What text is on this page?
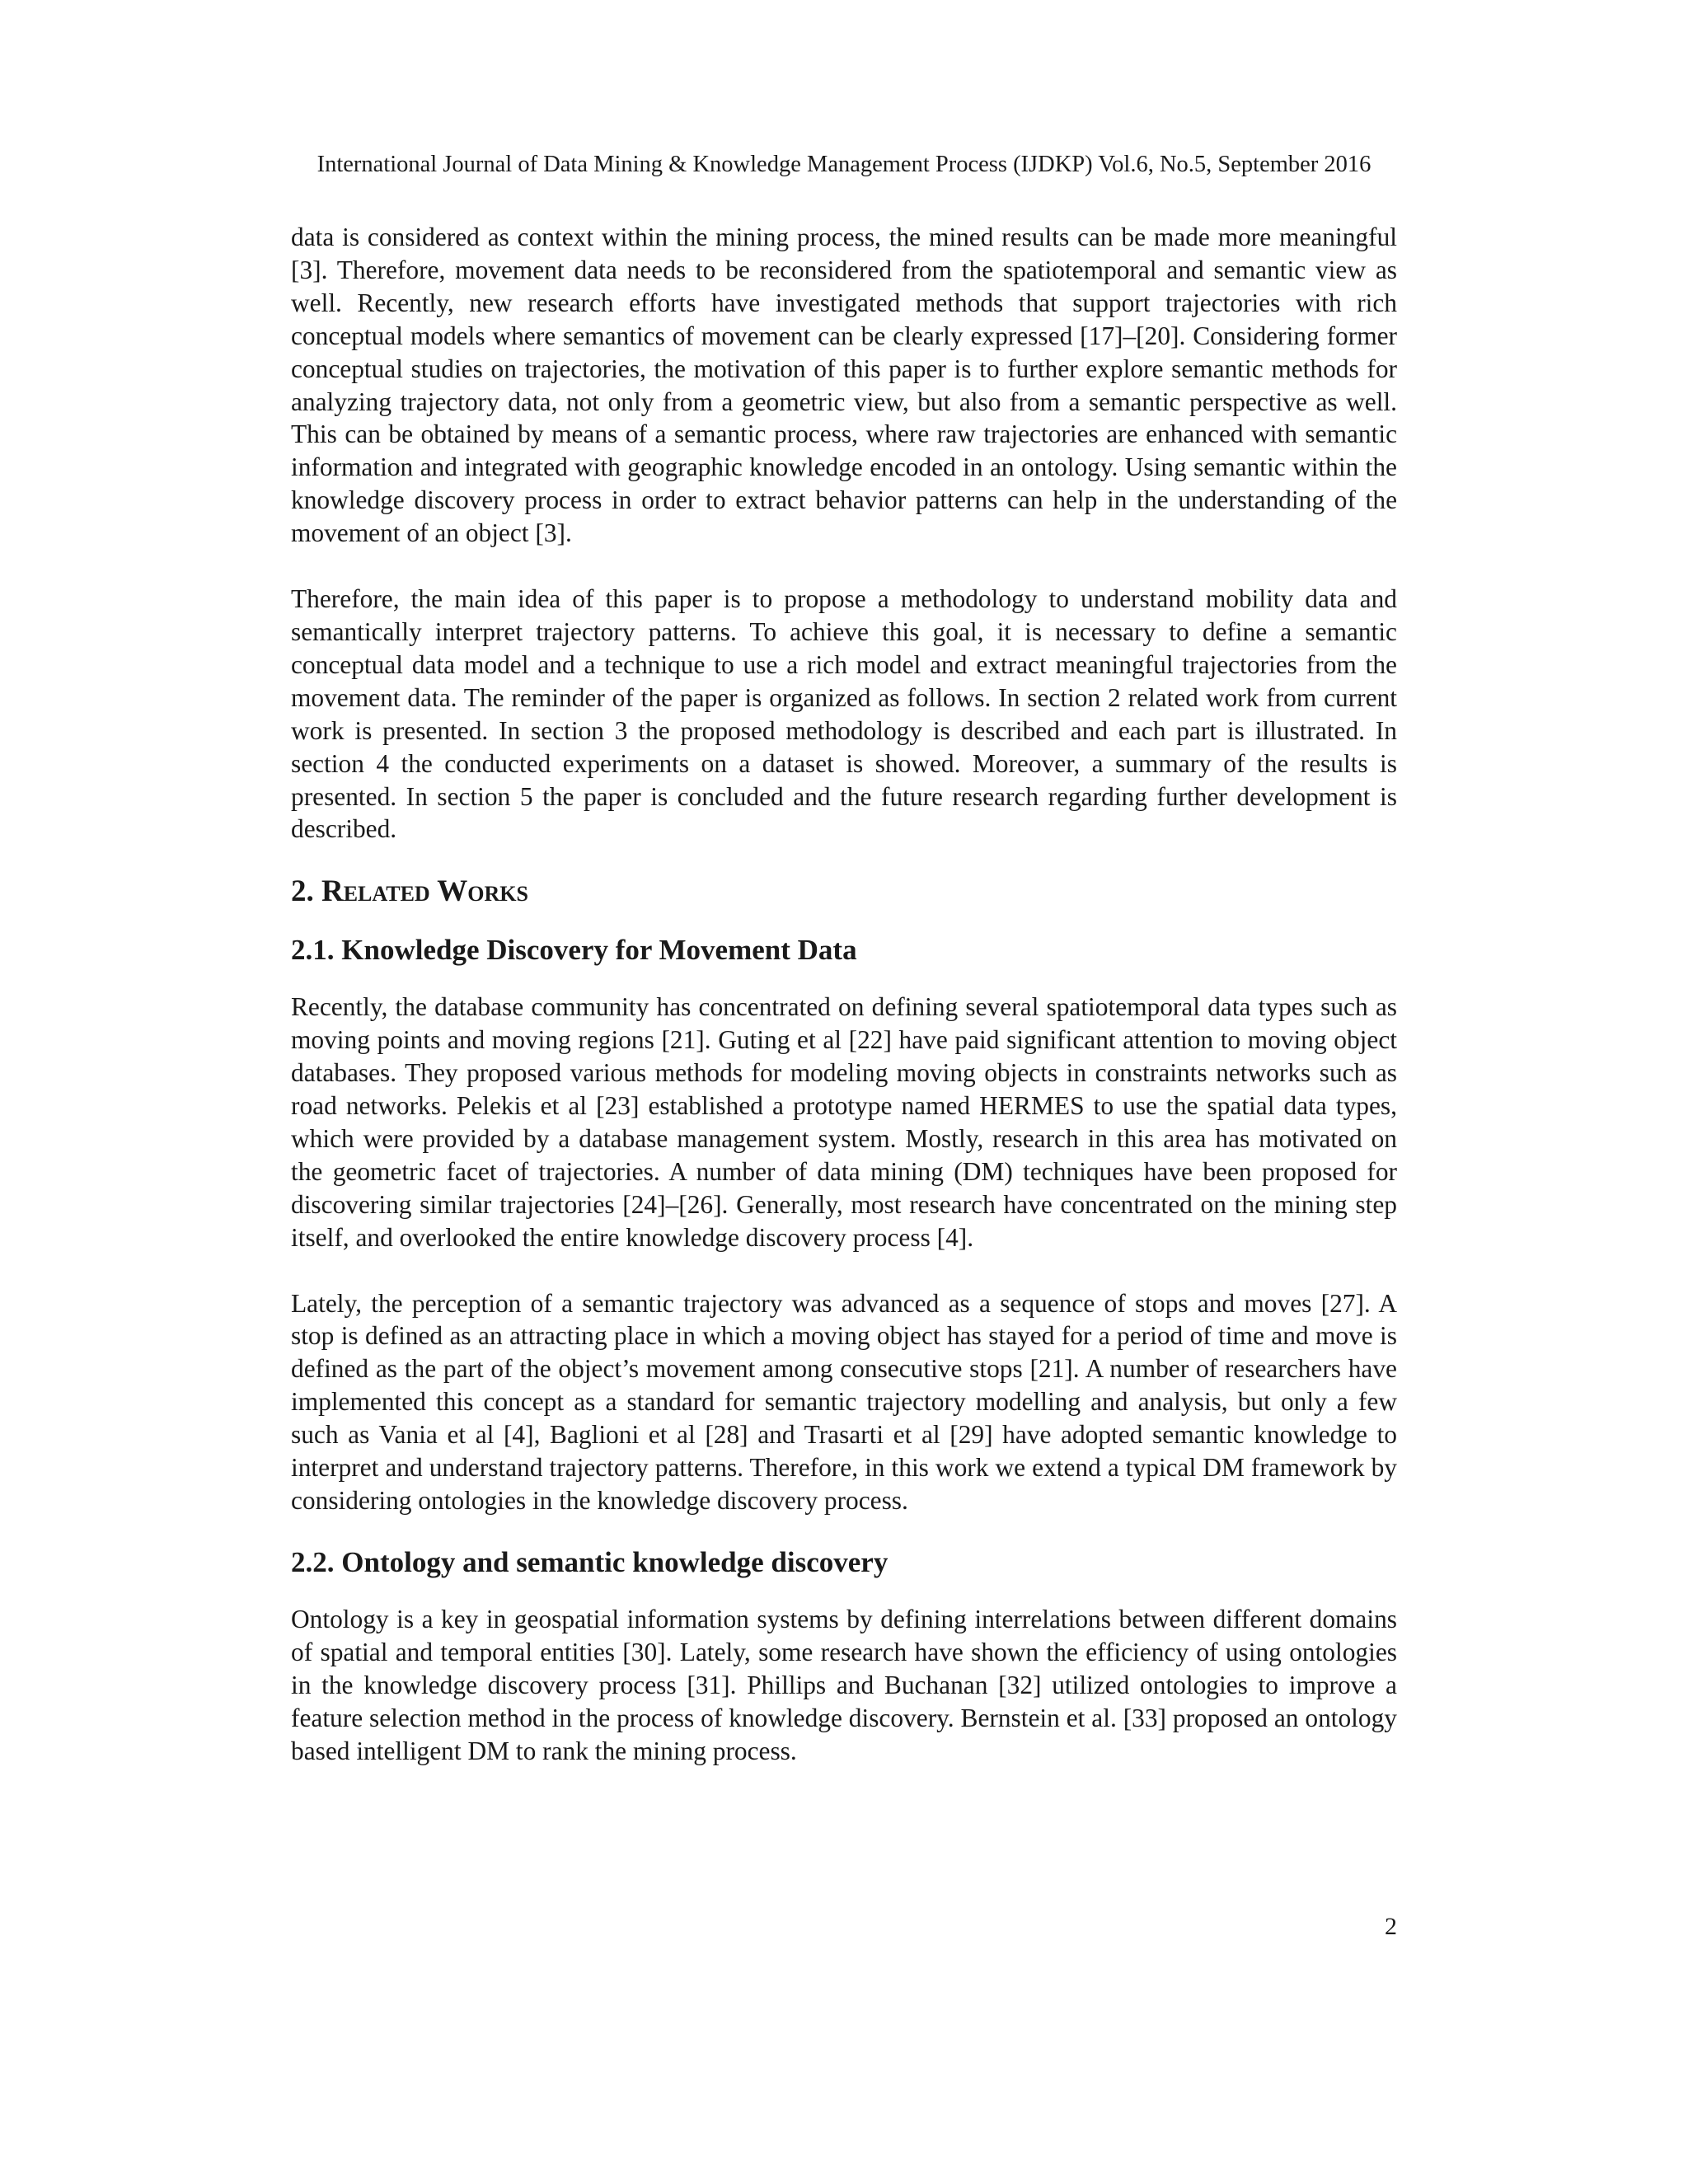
International Journal of Data Mining & Knowledge Management Process (IJDKP) Vol.6, No.5, September 2016

data is considered as context within the mining process, the mined results can be made more meaningful [3]. Therefore, movement data needs to be reconsidered from the spatiotemporal and semantic view as well. Recently, new research efforts have investigated methods that support trajectories with rich conceptual models where semantics of movement can be clearly expressed [17]–[20]. Considering former conceptual studies on trajectories, the motivation of this paper is to further explore semantic methods for analyzing trajectory data, not only from a geometric view, but also from a semantic perspective as well. This can be obtained by means of a semantic process, where raw trajectories are enhanced with semantic information and integrated with geographic knowledge encoded in an ontology. Using semantic within the knowledge discovery process in order to extract behavior patterns can help in the understanding of the movement of an object [3].

Therefore, the main idea of this paper is to propose a methodology to understand mobility data and semantically interpret trajectory patterns. To achieve this goal, it is necessary to define a semantic conceptual data model and a technique to use a rich model and extract meaningful trajectories from the movement data. The reminder of the paper is organized as follows. In section 2 related work from current work is presented. In section 3 the proposed methodology is described and each part is illustrated. In section 4 the conducted experiments on a dataset is showed. Moreover, a summary of the results is presented. In section 5 the paper is concluded and the future research regarding further development is described.

2. Related Works
2.1. Knowledge Discovery for Movement Data

Recently, the database community has concentrated on defining several spatiotemporal data types such as moving points and moving regions [21]. Guting et al [22] have paid significant attention to moving object databases. They proposed various methods for modeling moving objects in constraints networks such as road networks. Pelekis et al [23] established a prototype named HERMES to use the spatial data types, which were provided by a database management system. Mostly, research in this area has motivated on the geometric facet of trajectories. A number of data mining (DM) techniques have been proposed for discovering similar trajectories [24]–[26]. Generally, most research have concentrated on the mining step itself, and overlooked the entire knowledge discovery process [4].

Lately, the perception of a semantic trajectory was advanced as a sequence of stops and moves [27]. A stop is defined as an attracting place in which a moving object has stayed for a period of time and move is defined as the part of the object’s movement among consecutive stops [21]. A number of researchers have implemented this concept as a standard for semantic trajectory modelling and analysis, but only a few such as Vania et al [4], Baglioni et al [28] and Trasarti et al [29] have adopted semantic knowledge to interpret and understand trajectory patterns. Therefore, in this work we extend a typical DM framework by considering ontologies in the knowledge discovery process.

2.2. Ontology and semantic knowledge discovery

Ontology is a key in geospatial information systems by defining interrelations between different domains of spatial and temporal entities [30]. Lately, some research have shown the efficiency of using ontologies in the knowledge discovery process [31]. Phillips and Buchanan [32] utilized ontologies to improve a feature selection method in the process of knowledge discovery. Bernstein et al. [33] proposed an ontology based intelligent DM to rank the mining process.

2
